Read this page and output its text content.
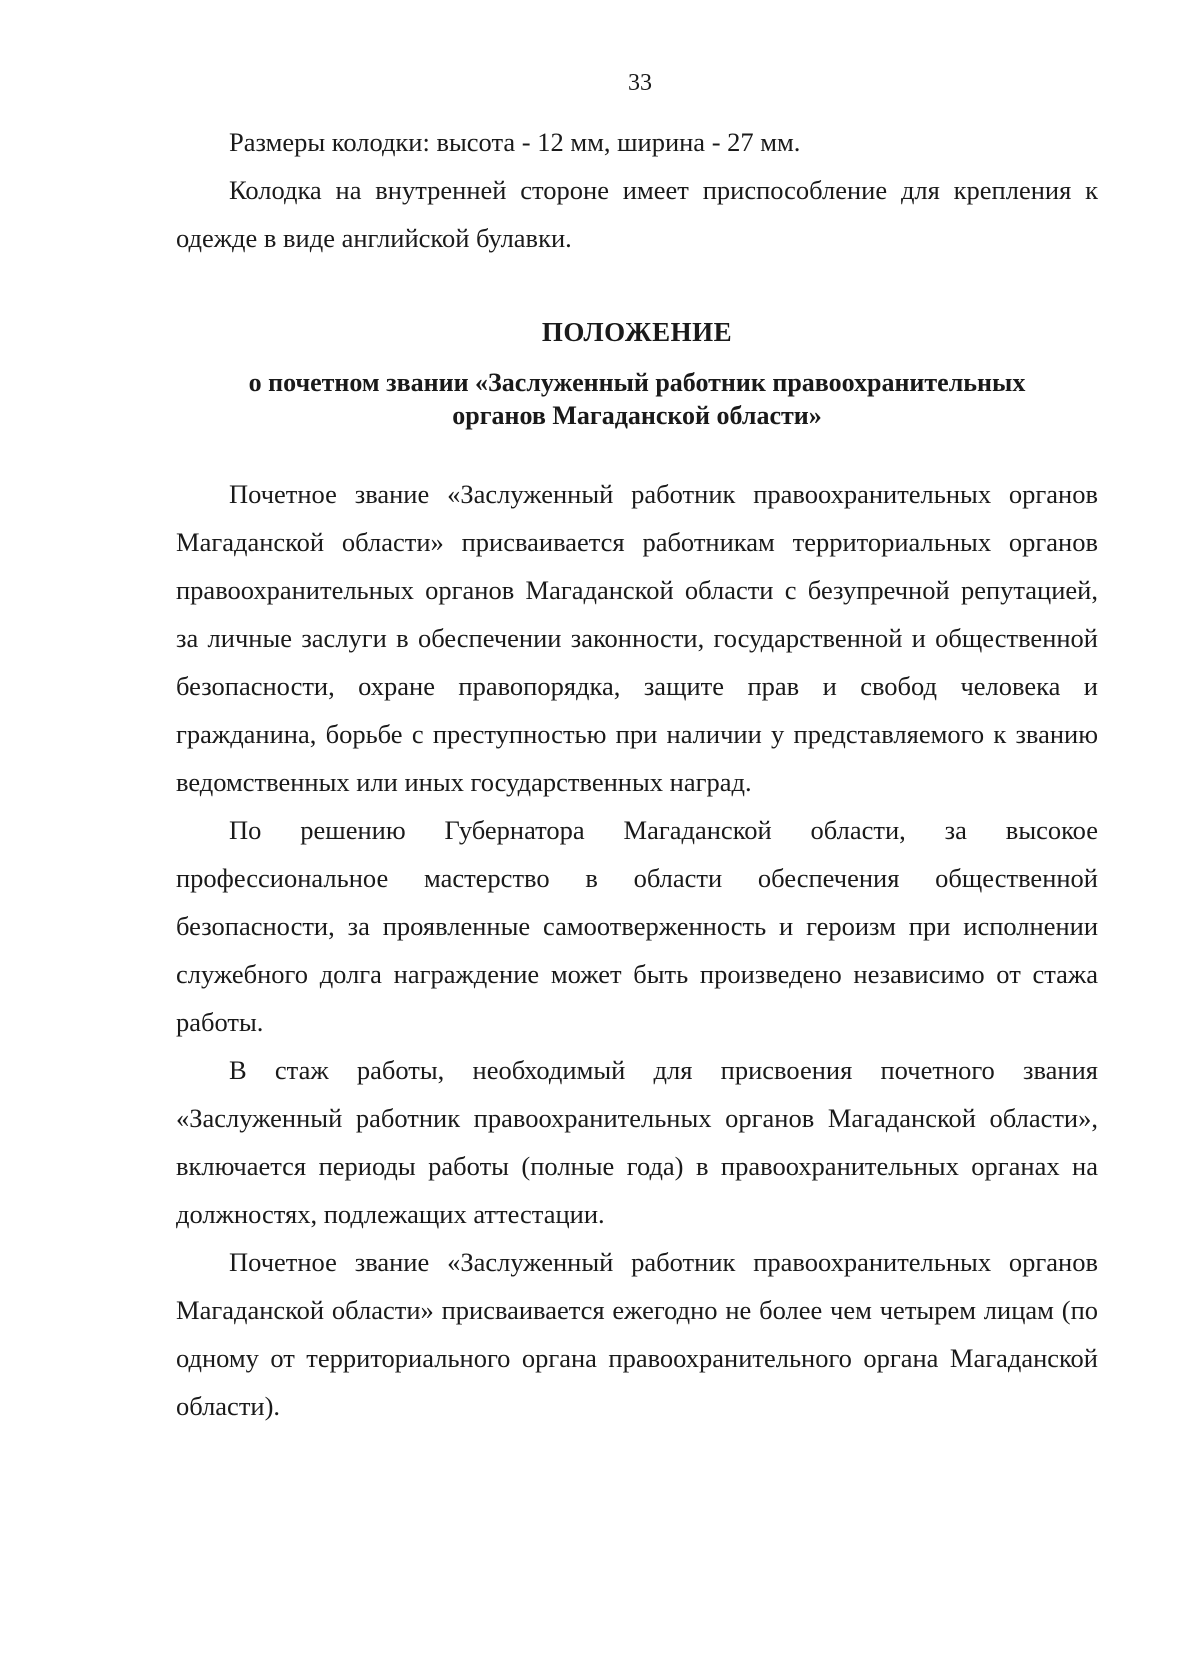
33

Размеры колодки: высота - 12 мм, ширина - 27 мм.

Колодка на внутренней стороне имеет приспособление для крепления к одежде в виде английской булавки.

ПОЛОЖЕНИЕ
о почетном звании «Заслуженный работник правоохранительных
органов Магаданской области»

Почетное звание «Заслуженный работник правоохранительных органов Магаданской области» присваивается работникам территориальных органов правоохранительных органов Магаданской области с безупречной репутацией, за личные заслуги в обеспечении законности, государственной и общественной безопасности, охране правопорядка, защите прав и свобод человека и гражданина, борьбе с преступностью при наличии у представляемого к званию ведомственных или иных государственных наград.

По решению Губернатора Магаданской области, за высокое профессиональное мастерство в области обеспечения общественной безопасности, за проявленные самоотверженность и героизм при исполнении служебного долга награждение может быть произведено независимо от стажа работы.

В стаж работы, необходимый для присвоения почетного звания «Заслуженный работник правоохранительных органов Магаданской области», включается периоды работы (полные года) в правоохранительных органах на должностях, подлежащих аттестации.

Почетное звание «Заслуженный работник правоохранительных органов Магаданской области» присваивается ежегодно не более чем четырем лицам (по одному от территориального органа правоохранительного органа Магаданской области).
